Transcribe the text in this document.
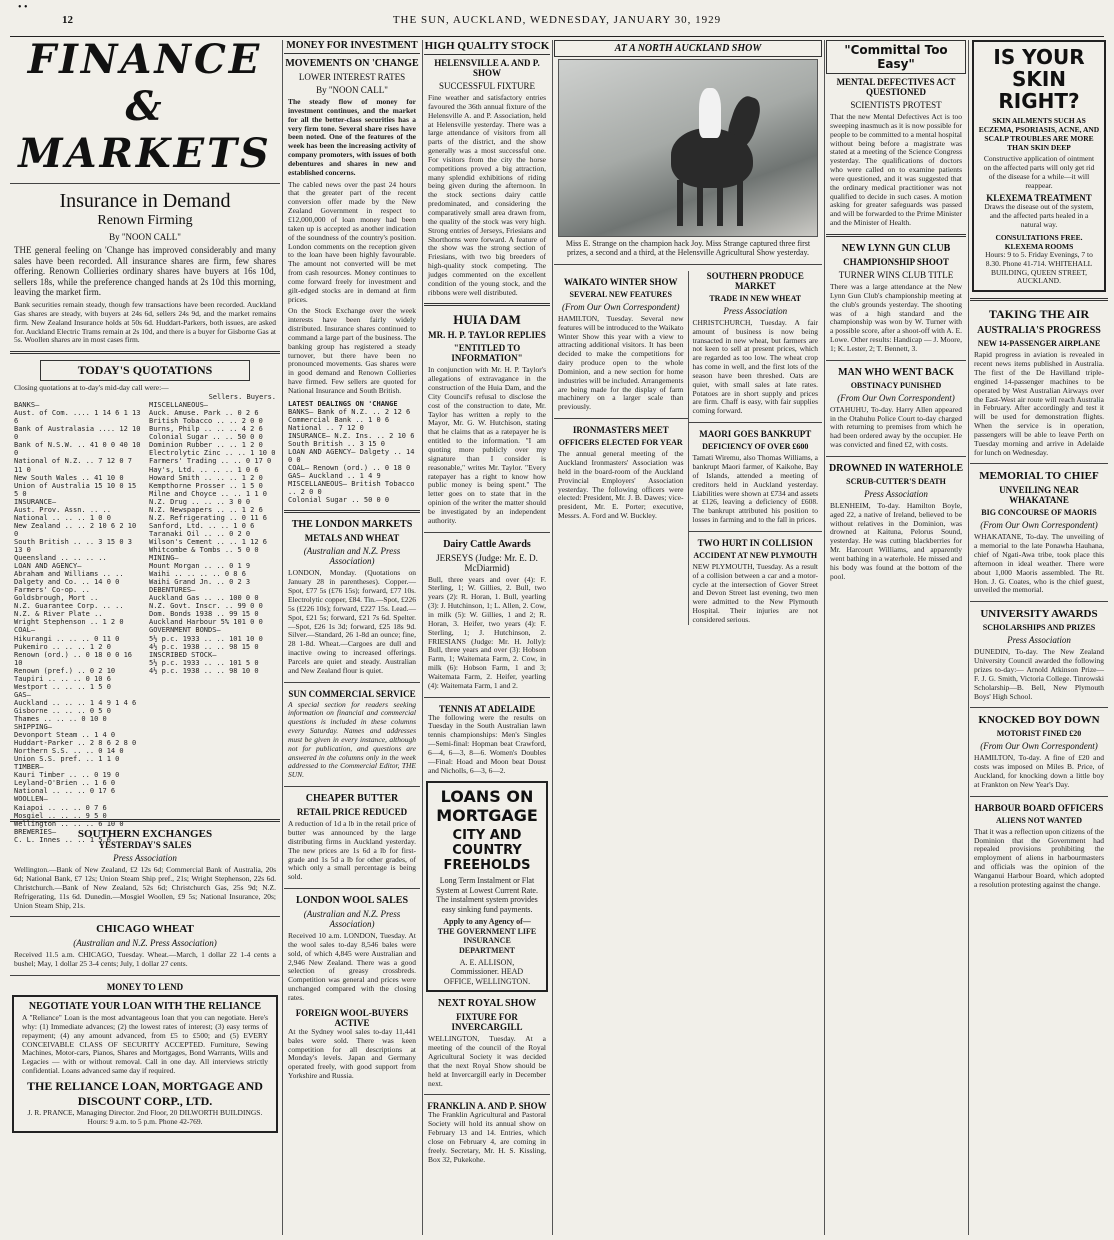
• •
12	THE SUN, AUCKLAND, WEDNESDAY, JANUARY 30, 1929
FINANCE & MARKETS
Insurance in Demand
Renown Firming
By "NOON CALL"
THE general feeling on 'Change has improved considerably and many sales have been recorded. All insurance shares are firm, few shares offering. Renown Collieries ordinary shares have buyers at 16s 10d, sellers 18s, while the preference changed hands at 2s 10d this morning, leaving the market firm.
Bank securities remain steady, though few transactions have been recorded. Auckland Gas shares are steady, with buyers at 24s 6d, sellers 24s 9d, and the market remains firm. New Zealand Insurance holds at 50s 6d. Huddart-Parkers, both issues, are asked for. Auckland Electric Trams remain at 2s 10d, and there is a buyer for Gisborne Gas at 5s. Woollen shares are in most cases firm.
TODAY'S QUOTATIONS
Closing quotations at to-day's mid-day call were:—
Sellers. Buyers.
BANKS—
Aust. of Com. .... 1 14 6 1 13 6
Bank of Australasia .... 12 10 0
Bank of N.S.W. .. 41 0 0 40 10 0
National of N.Z. .. 7 12 0 7 11 0
New South Wales .. 41 10 0
Union of Australia 15 10 0 15 5 0
INSURANCE—
Aust. Prov. Assn. .. ..
National .. .. .. 1 0 0
New Zealand .. .. 2 10 6 2 10 0
South British .. .. 3 15 0 3 13 0
Queensland .. .. .. ..
LOAN AND AGENCY—
Abraham and Williams .. ..
Dalgety and Co. .. 14 0 0
Farmers' Co-op. ..
Goldsbrough, Mort ..
N.Z. Guarantee Corp. .. ..
N.Z. & River Plate ..
Wright Stephenson .. 1 2 0
COAL—
Hikurangi .. .. .. 0 11 0
Pukemiro .. .. .. 1 2 0
Renown (ord.) .. 0 18 0 0 16 10
Renown (pref.) .. 0 2 10
Taupiri .. .. .. 0 10 6
Westport .. .. .. 1 5 0
GAS—
Auckland .. .. .. 1 4 9 1 4 6
Gisborne .. .. .. 0 5 0
Thames .. .. .. 0 10 0
SHIPPING—
Devonport Steam .. 1 4 0
Huddart-Parker .. 2 8 6 2 8 0
Northern S.S. .. .. 0 14 0
Union S.S. pref. .. 1 1 0
TIMBER—
Kauri Timber .. .. 0 19 0
Leyland-O'Brien .. 1 6 0
National .. .. .. 0 17 6
WOOLLEN—
Kaiapoi .. .. .. 0 7 6
Mosgiel .. .. .. 9 5 0
Wellington .. .. .. 6 10 0
BREWERIES—
C. L. Innes .. .. 1 5 6
MISCELLANEOUS—
Auck. Amuse. Park .. 0 2 6
British Tobacco .. .. 2 0 0
Burns, Philp .. .. .. 4 2 6
Colonial Sugar .. .. 50 0 0
Dominion Rubber .. .. 1 2 0
Electrolytic Zinc .. .. 1 10 0
Farmers' Trading .. .. 0 17 0
Hay's, Ltd. .. .. .. 1 0 6
Howard Smith .. .. .. 1 2 0
Kempthorne Prosser .. 1 5 0
Milne and Choyce .. .. 1 1 0
N.Z. Drug .. .. .. 3 0 0
N.Z. Newspapers .. .. 1 2 6
N.Z. Refrigerating .. 0 11 6
Sanford, Ltd. .. .. 1 0 6
Taranaki Oil .. .. 0 2 0
Wilson's Cement .. .. 1 12 6
Whitcombe & Tombs .. 5 0 0
MINING—
Mount Morgan .. .. 0 1 9
Waihi .. .. .. .. 0 8 6
Waihi Grand Jn. .. 0 2 3
DEBENTURES—
Auckland Gas .. .. 100 0 0
N.Z. Govt. Inscr. .. 99 0 0
Dom. Bonds 1938 .. 99 15 0
Auckland Harbour 5% 101 0 0
GOVERNMENT BONDS—
5½ p.c. 1933 .. .. 101 10 0
4½ p.c. 1938 .. .. 98 15 0
INSCRIBED STOCK—
5½ p.c. 1933 .. .. 101 5 0
4½ p.c. 1938 .. .. 98 10 0
SOUTHERN EXCHANGES
YESTERDAY'S SALES
Press Association
Wellington.—Bank of New Zealand, £2 12s 6d; Commercial Bank of Australia, 20s 6d; National Bank, £7 12s; Union Steam Ship pref., 21s; Wright Stephenson, 22s 6d. Christchurch.—Bank of New Zealand, 52s 6d; Christchurch Gas, 25s 9d; N.Z. Refrigerating, 11s 6d. Dunedin.—Mosgiel Woollen, £9 5s; National Insurance, 20s; Union Steam Ship, 21s.
CHICAGO WHEAT
(Australian and N.Z. Press Association)
Received 11.5 a.m. CHICAGO, Tuesday. Wheat.—March, 1 dollar 22 1-4 cents a bushel; May, 1 dollar 25 3-4 cents; July, 1 dollar 27 cents.
MONEY TO LEND
NEGOTIATE YOUR LOAN WITH THE RELIANCE
A "Reliance" Loan is the most advantageous loan that you can negotiate. Here's why: (1) Immediate advances; (2) the lowest rates of interest; (3) easy terms of repayment; (4) any amount advanced, from £5 to £500; and (5) EVERY CONCEIVABLE CLASS OF SECURITY ACCEPTED. Furniture, Sewing Machines, Motor-cars, Pianos, Shares and Mortgages, Bond Warrants, Wills and Legacies — with or without removal. Call in one day. All interviews strictly confidential. Loans advanced same day if required.
THE RELIANCE LOAN, MORTGAGE AND DISCOUNT CORP., LTD.
J. R. PRANCE, Managing Director. 2nd Floor, 20 DILWORTH BUILDINGS. Hours: 9 a.m. to 5 p.m. Phone 42-769.
MONEY FOR INVESTMENT
MOVEMENTS ON 'CHANGE
LOWER INTEREST RATES
By "NOON CALL"
The steady flow of money for investment continues, and the market for all the better-class securities has a very firm tone. Several share rises have been noted. One of the features of the week has been the increasing activity of company promoters, with issues of both debentures and shares in new and established concerns.
The cabled news over the past 24 hours that the greater part of the recent conversion offer made by the New Zealand Government in respect to £12,000,000 of loan money had been taken up is accepted as another indication of the soundness of the country's position. London comments on the reception given to the loan have been highly favourable. The amount not converted will be met from cash resources. Money continues to come forward freely for investment and gilt-edged stocks are in demand at firm prices.
On the Stock Exchange over the week interests have been fairly widely distributed. Insurance shares continued to command a large part of the business. The banking group has registered a steady turnover, but there have been no pronounced movements. Gas shares were in good demand and Renown Collieries have firmed. Few sellers are quoted for National Insurance and South British.
LATEST DEALINGS ON 'CHANGE
BANKS— Bank of N.Z. .. 2 12 6
Commercial Bank .. 1 0 6
National .. 7 12 0
INSURANCE— N.Z. Ins. .. 2 10 6
South British .. 3 15 0
LOAN AND AGENCY— Dalgety .. 14 0 0
COAL— Renown (ord.) .. 0 18 0
GAS— Auckland .. 1 4 9
MISCELLANEOUS— British Tobacco .. 2 0 0
Colonial Sugar .. 50 0 0
THE LONDON MARKETS
METALS AND WHEAT
(Australian and N.Z. Press Association)
LONDON, Monday. (Quotations on January 28 in parentheses). Copper.—Spot, £77 5s (£76 15s); forward, £77 10s. Electrolytic copper, £84. Tin.—Spot, £226 5s (£226 10s); forward, £227 15s. Lead.—Spot, £21 5s; forward, £21 7s 6d. Spelter.—Spot, £26 1s 3d; forward, £25 18s 9d. Silver.—Standard, 26 1-8d an ounce; fine, 28 1-8d. Wheat.—Cargoes are dull and inactive owing to increased offerings. Parcels are quiet and steady. Australian and New Zealand flour is quiet.
SUN COMMERCIAL SERVICE
A special section for readers seeking information on financial and commercial questions is included in these columns every Saturday. Names and addresses must be given in every instance, although not for publication, and questions are answered in the columns only in the week addressed to the Commercial Editor, THE SUN.
CHEAPER BUTTER
RETAIL PRICE REDUCED
A reduction of 1d a lb in the retail price of butter was announced by the large distributing firms in Auckland yesterday. The new prices are 1s 6d a lb for first-grade and 1s 5d a lb for other grades, of which only a small percentage is being sold.
LONDON WOOL SALES
(Australian and N.Z. Press Association)
Received 10 a.m. LONDON, Tuesday. At the wool sales to-day 8,546 bales were sold, of which 4,845 were Australian and 2,946 New Zealand. There was a good selection of greasy crossbreds. Competition was general and prices were unchanged compared with the closing rates.
FOREIGN WOOL-BUYERS ACTIVE
At the Sydney wool sales to-day 11,441 bales were sold. There was keen competition for all descriptions at Monday's levels. Japan and Germany operated freely, with good support from Yorkshire and Russia.
HIGH QUALITY STOCK
HELENSVILLE A. AND P. SHOW
SUCCESSFUL FIXTURE
Fine weather and satisfactory entries favoured the 36th annual fixture of the Helensville A. and P. Association, held at Helensville yesterday. There was a large attendance of visitors from all parts of the district, and the show generally was a most successful one. For visitors from the city the horse competitions proved a big attraction, many splendid exhibitions of riding being given during the afternoon. In the stock sections dairy cattle predominated, and considering the comparatively small area drawn from, the quality of the stock was very high. Strong entries of Jerseys, Friesians and Shorthorns were forward. A feature of the show was the strong section of Friesians, with two big breeders of high-quality stock competing. The judges commented on the excellent condition of the young stock, and the ribbons were well distributed.
HUIA DAM
MR. H. P. TAYLOR REPLIES
"ENTITLED TO INFORMATION"
In conjunction with Mr. H. P. Taylor's allegations of extravagance in the construction of the Huia Dam, and the City Council's refusal to disclose the cost of the construction to date, Mr. Taylor has written a reply to the Mayor, Mr. G. W. Hutchison, stating that he claims that as a ratepayer he is entitled to the information. "I am quoting more publicly over my signature than I consider is reasonable," writes Mr. Taylor. "Every ratepayer has a right to know how public money is being spent." The letter goes on to state that in the opinion of the writer the matter should be investigated by an independent authority.
Dairy Cattle Awards
JERSEYS (Judge: Mr. E. D. McDiarmid)
Bull, three years and over (4): F. Sterling, 1; W. Gillies, 2. Bull, two years (2): R. Horan, 1. Bull, yearling (3): J. Hutchinson, 1; L. Allen, 2. Cow, in milk (5): W. Gillies, 1 and 2; R. Horan, 3. Heifer, two years (4): F. Sterling, 1; J. Hutchinson, 2. FRIESIANS (Judge: Mr. H. Jolly): Bull, three years and over (3): Hobson Farm, 1; Waitemata Farm, 2. Cow, in milk (6): Hobson Farm, 1 and 3; Waitemata Farm, 2. Heifer, yearling (4): Waitemata Farm, 1 and 2.
TENNIS AT ADELAIDE
The following were the results on Tuesday in the South Australian lawn tennis championships: Men's Singles —Semi-final: Hopman beat Crawford, 6—4, 6—3, 8—6. Women's Doubles —Final: Hoad and Moon beat Doust and Nicholls, 6—3, 6—2.
LOANS ON MORTGAGE
CITY AND COUNTRY FREEHOLDS
Long Term Instalment or Flat System at Lowest Current Rate. The instalment system provides easy sinking fund payments.
Apply to any Agency of— THE GOVERNMENT LIFE INSURANCE DEPARTMENT
A. E. ALLISON, Commissioner. HEAD OFFICE, WELLINGTON.
NEXT ROYAL SHOW
FIXTURE FOR INVERCARGILL
WELLINGTON, Tuesday. At a meeting of the council of the Royal Agricultural Society it was decided that the next Royal Show should be held at Invercargill early in December next.
FRANKLIN A. AND P. SHOW
The Franklin Agricultural and Pastoral Society will hold its annual show on February 13 and 14. Entries, which close on February 4, are coming in freely. Secretary, Mr. H. S. Kissling, Box 32, Pukekohe.
AT A NORTH AUCKLAND SHOW
Miss E. Strange on the champion hack Joy. Miss Strange captured three first prizes, a second and a third, at the Helensville Agricultural Show yesterday.
WAIKATO WINTER SHOW
SEVERAL NEW FEATURES
(From Our Own Correspondent)
HAMILTON, Tuesday. Several new features will be introduced to the Waikato Winter Show this year with a view to attracting additional visitors. It has been decided to make the competitions for dairy produce open to the whole Dominion, and a new section for home industries will be included. Arrangements are being made for the display of farm machinery on a larger scale than previously.
IRONMASTERS MEET
OFFICERS ELECTED FOR YEAR
The annual general meeting of the Auckland Ironmasters' Association was held in the board-room of the Auckland Provincial Employers' Association yesterday. The following officers were elected: President, Mr. J. B. Dawes; vice-president, Mr. E. Porter; executive, Messrs. A. Ford and W. Buckley.
SOUTHERN PRODUCE MARKET
TRADE IN NEW WHEAT
Press Association
CHRISTCHURCH, Tuesday. A fair amount of business is now being transacted in new wheat, but farmers are not keen to sell at present prices, which are regarded as too low. The wheat crop has come in well, and the first lots of the season have been threshed. Oats are quiet, with small sales at late rates. Potatoes are in short supply and prices are firm. Chaff is easy, with fair supplies coming forward.
MAORI GOES BANKRUPT
DEFICIENCY OF OVER £600
Tamati Wiremu, also Thomas Williams, a bankrupt Maori farmer, of Kaikohe, Bay of Islands, attended a meeting of creditors held in Auckland yesterday. Liabilities were shown at £734 and assets at £126, leaving a deficiency of £608. The bankrupt attributed his position to losses in farming and to the fall in prices.
TWO HURT IN COLLISION
ACCIDENT AT NEW PLYMOUTH
NEW PLYMOUTH, Tuesday. As a result of a collision between a car and a motor-cycle at the intersection of Gover Street and Devon Street last evening, two men were admitted to the New Plymouth Hospital. Their injuries are not considered serious.
"Committal Too Easy"
MENTAL DEFECTIVES ACT QUESTIONED
SCIENTISTS PROTEST
That the new Mental Defectives Act is too sweeping inasmuch as it is now possible for people to be committed to a mental hospital without being before a magistrate was stated at a meeting of the Science Congress yesterday. The qualifications of doctors who were called on to examine patients were questioned, and it was suggested that the ordinary medical practitioner was not qualified to decide in such cases. A motion asking for greater safeguards was passed and will be forwarded to the Prime Minister and the Minister of Health.
NEW LYNN GUN CLUB
CHAMPIONSHIP SHOOT
TURNER WINS CLUB TITLE
There was a large attendance at the New Lynn Gun Club's championship meeting at the club's grounds yesterday. The shooting was of a high standard and the championship was won by W. Turner with a possible score, after a shoot-off with A. E. Lowe. Other results: Handicap — J. Moore, 1; K. Lester, 2; T. Bennett, 3.
MAN WHO WENT BACK
OBSTINACY PUNISHED
(From Our Own Correspondent)
OTAHUHU, To-day. Harry Allen appeared in the Otahuhu Police Court to-day charged with returning to premises from which he had been ordered away by the occupier. He was convicted and fined £2, with costs.
DROWNED IN WATERHOLE
SCRUB-CUTTER'S DEATH
Press Association
BLENHEIM, To-day. Hamilton Boyle, aged 22, a native of Ireland, believed to be without relatives in the Dominion, was drowned at Kaituna, Pelorus Sound, yesterday. He was cutting blackberries for Mr. Harcourt Williams, and apparently went bathing in a waterhole. He missed and his body was found at the bottom of the pool.
IS YOUR SKIN RIGHT?
SKIN AILMENTS SUCH AS ECZEMA, PSORIASIS, ACNE, AND SCALP TROUBLES ARE MORE THAN SKIN DEEP
Constructive application of ointment on the affected parts will only get rid of the disease for a while—it will reappear.
KLEXEMA TREATMENT
Draws the disease out of the system, and the affected parts healed in a natural way.
CONSULTATIONS FREE. KLEXEMA ROOMS
Hours: 9 to 5. Friday Evenings, 7 to 8.30. Phone 41-714. WHITEHALL BUILDING, QUEEN STREET, AUCKLAND.
TAKING THE AIR
AUSTRALIA'S PROGRESS
NEW 14-PASSENGER AIRPLANE
Rapid progress in aviation is revealed in recent news items published in Australia. The first of the De Havilland triple-engined 14-passenger machines to be operated by West Australian Airways over the East-West air route will reach Australia in February. After accordingly and test it will be used for demonstration flights. When the service is in operation, passengers will be able to leave Perth on Tuesday morning and arrive in Adelaide for lunch on Wednesday.
MEMORIAL TO CHIEF
UNVEILING NEAR WHAKATANE
BIG CONCOURSE OF MAORIS
(From Our Own Correspondent)
WHAKATANE, To-day. The unveiling of a memorial to the late Ponawha Hauhana, chief of Ngati-Awa tribe, took place this afternoon in ideal weather. There were about 1,000 Maoris assembled. The Rt. Hon. J. G. Coates, who is the chief guest, unveiled the memorial.
UNIVERSITY AWARDS
SCHOLARSHIPS AND PRIZES
Press Association
DUNEDIN, To-day. The New Zealand University Council awarded the following prizes to-day:— Arnold Atkinson Prize—F. J. G. Smith, Victoria College. Tinrowski Scholarship—B. Bell, New Plymouth Boys' High School.
KNOCKED BOY DOWN
MOTORIST FINED £20
(From Our Own Correspondent)
HAMILTON, To-day. A fine of £20 and costs was imposed on Miles B. Price, of Auckland, for knocking down a little boy at Frankton on New Year's Day.
HARBOUR BOARD OFFICERS
ALIENS NOT WANTED
That it was a reflection upon citizens of the Dominion that the Government had repealed provisions prohibiting the employment of aliens in harbourmasters and officials was the opinion of the Wanganui Harbour Board, which adopted a resolution protesting against the change.
